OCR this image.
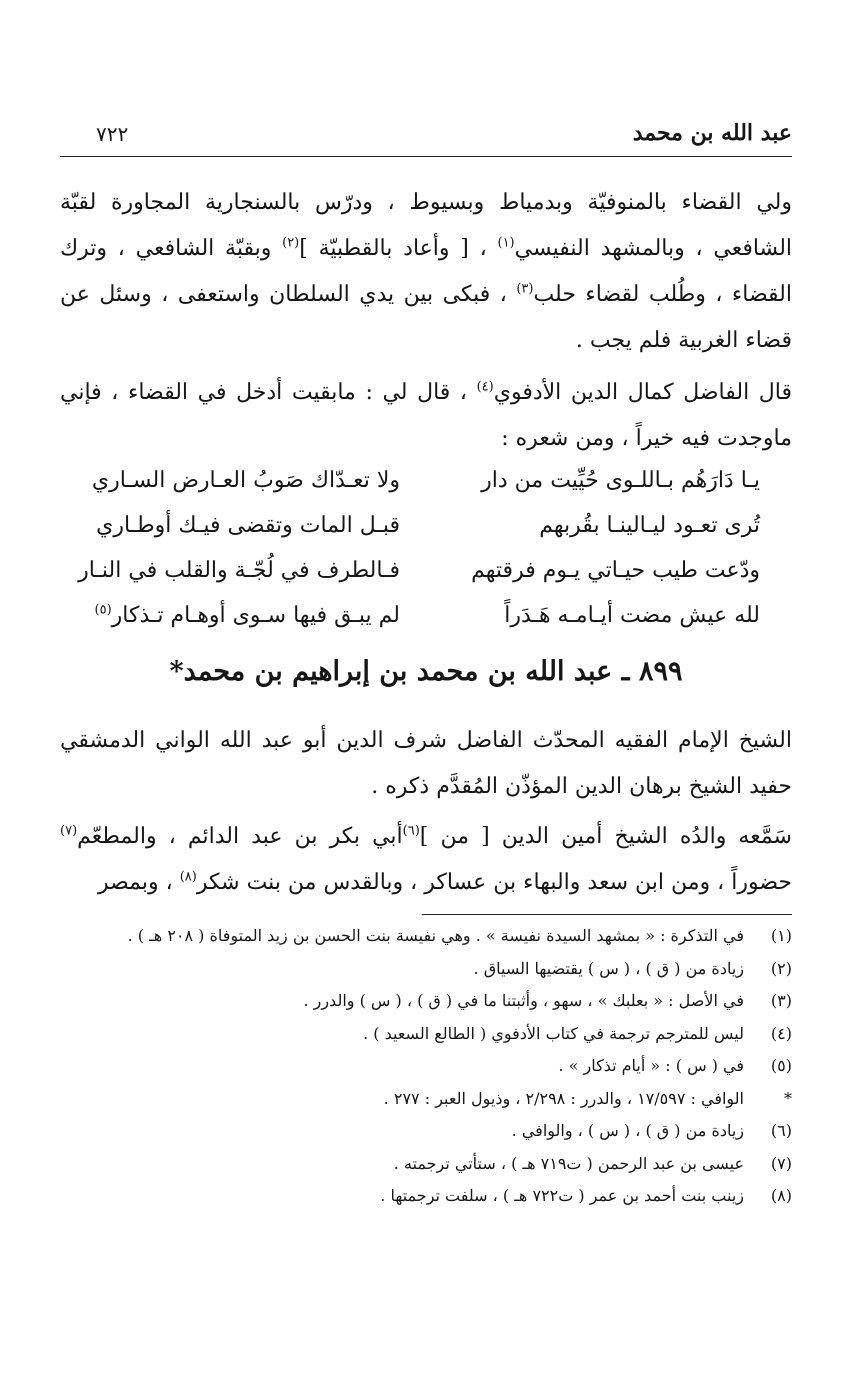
عبد الله بن محمد
٧٢٢
ولي القضاء بالمنوفيّة وبدمياط وبسيوط ، ودرّس بالسنجارية المجاورة لقبّة الشافعي ، وبالمشهد النفيسي$^{(١)}$ ، [ وأعاد بالقطبيّة ]$^{(٢)}$ وبقبّة الشافعي ، وترك القضاء ، وطُلب لقضاء حلب$^{(٣)}$ ، فبكى بين يدي السلطان واستعفى ، وسئل عن قضاء الغربية فلم يجب .
قال الفاضل كمال الدين الأدفوي$^{(٤)}$ ، قال لي : مابقيت أدخل في القضاء ، فإني ماوجدت فيه خيراً ، ومن شعره :
يـا دَارَهُم بـاللـوى حُيِّيت من دار
ولا تعـدّاك صَوبُ العـارض السـاري
تُرى تعـود ليـالينـا بقُربهم
قبـل المات وتقضى فيـك أوطـاري
ودّعت طيب حيـاتي يـوم فرقتهم
فـالطرف في لُجّـة والقلب في النـار
لله عيش مضت أيـامـه هَـدَراً
لم يبـق فيها سـوى أوهـام تـذكار$^{(٥)}$
٨٩٩ ـ عبد الله بن محمد بن إبراهيم بن محمد*
الشيخ الإمام الفقيه المحدّث الفاضل شرف الدين أبو عبد الله الواني الدمشقي حفيد الشيخ برهان الدين المؤذّن المُقدَّم ذكره .
سَمَّعه والدُه الشيخ أمين الدين [ من ]$^{(٦)}$أبي بكر بن عبد الدائم ، والمطعّم$^{(٧)}$ حضوراً ، ومن ابن سعد والبهاء بن عساكر ، وبالقدس من بنت شكر$^{(٨)}$ ، وبمصر
(١)
في التذكرة : « بمشهد السيدة نفيسة » . وهي نفيسة بنت الحسن بن زيد المتوفاة ( ٢٠٨ هـ ) .
(٢)
زيادة من ( ق ) ، ( س ) يقتضيها السياق .
(٣)
في الأصل : « بعلبك » ، سهو ، وأثبتنا ما في ( ق ) ، ( س ) والدرر .
(٤)
ليس للمترجم ترجمة في كتاب الأدفوي ( الطالع السعيد ) .
(٥)
في ( س ) : « أيام تذكار » .
*
الوافي : ١٧/٥٩٧ ، والدرر : ٢/٢٩٨ ، وذيول العبر : ٢٧٧ .
(٦)
زيادة من ( ق ) ، ( س ) ، والوافي .
(٧)
عيسى بن عبد الرحمن ( ت٧١٩ هـ ) ، ستأتي ترجمته .
(٨)
زينب بنت أحمد بن عمر ( ت٧٢٢ هـ ) ، سلفت ترجمتها .
